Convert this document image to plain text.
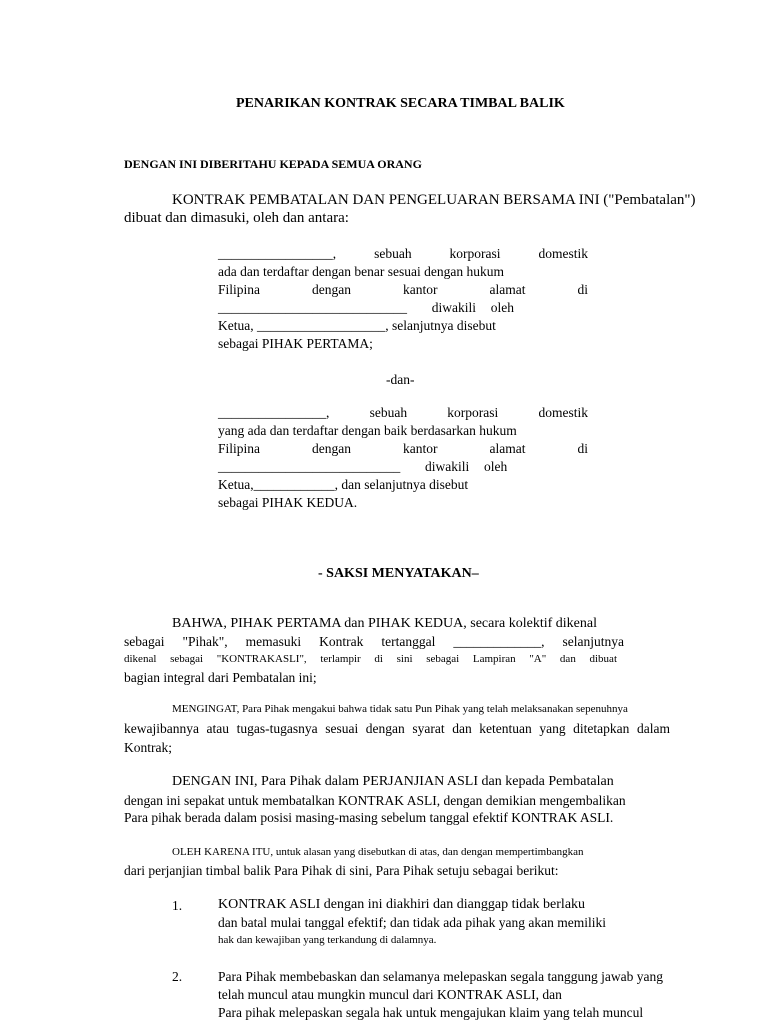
PENARIKAN KONTRAK SECARA TIMBAL BALIK
DENGAN INI DIBERITAHU KEPADA SEMUA ORANG
KONTRAK PEMBATALAN DAN PENGELUARAN BERSAMA INI ("Pembatalan")
dibuat dan dimasuki, oleh dan antara:
_________________,	sebuah	korporasi	domestik
ada dan terdaftar dengan benar sesuai dengan hukum
Filipina	dengan	kantor	alamat	di
____________________________ diwakili oleh
Ketua, ___________________, selanjutnya disebut
sebagai PIHAK PERTAMA;
-dan-
________________,	sebuah	korporasi	domestik
yang ada dan terdaftar dengan baik berdasarkan hukum
Filipina	dengan	kantor	alamat	di
___________________________ diwakili oleh
Ketua,____________, dan selanjutnya disebut
sebagai PIHAK KEDUA.
- SAKSI MENYATAKAN–
BAHWA, PIHAK PERTAMA dan PIHAK KEDUA, secara kolektif dikenal
sebagai "Pihak", memasuki Kontrak tertanggal _____________, selanjutnya
dikenal sebagai "KONTRAKASLI", terlampir di sini sebagai Lampiran "A" dan dibuat
bagian integral dari Pembatalan ini;
MENGINGAT, Para Pihak mengakui bahwa tidak satu Pun Pihak yang telah melaksanakan sepenuhnya
kewajibannya atau tugas-tugasnya sesuai dengan syarat dan ketentuan yang ditetapkan dalam
Kontrak;
DENGAN INI, Para Pihak dalam PERJANJIAN ASLI dan kepada Pembatalan
dengan ini sepakat untuk membatalkan KONTRAK ASLI, dengan demikian mengembalikan
Para pihak berada dalam posisi masing-masing sebelum tanggal efektif KONTRAK ASLI.
OLEH KARENA ITU, untuk alasan yang disebutkan di atas, dan dengan mempertimbangkan
dari perjanjian timbal balik Para Pihak di sini, Para Pihak setuju sebagai berikut:
1.	KONTRAK ASLI dengan ini diakhiri dan dianggap tidak berlaku
dan batal mulai tanggal efektif; dan tidak ada pihak yang akan memiliki
hak dan kewajiban yang terkandung di dalamnya.
2.	Para Pihak membebaskan dan selamanya melepaskan segala tanggung jawab yang
telah muncul atau mungkin muncul dari KONTRAK ASLI, dan
Para pihak melepaskan segala hak untuk mengajukan klaim yang telah muncul
